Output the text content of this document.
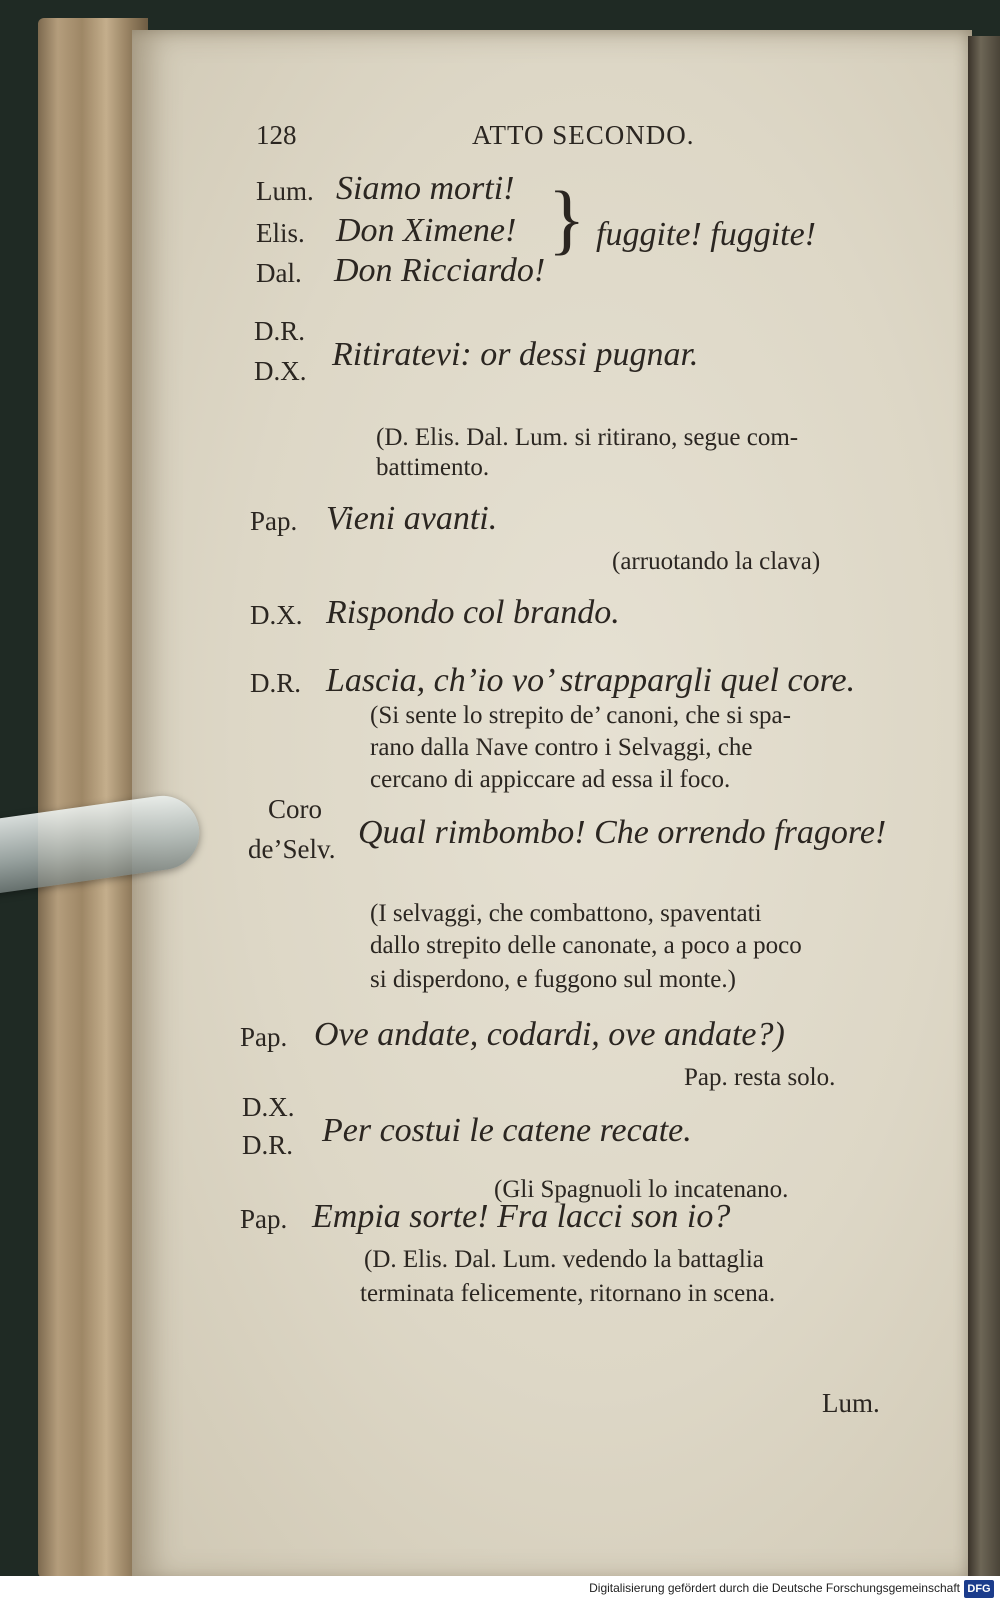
128	ATTO SECONDO.
Lum. Siamo morti!
Elis. Don Ximene!
Dal. Don Ricciardo!
} fuggite! fuggite!
D.R.
D.X. Ritiratevi: or dessi pugnar.
(D. Elis. Dal. Lum. si ritirano, segue com-
battimento.
Pap. Vieni avanti.
(arruotando la clava)
D.X. Rispondo col brando.
D.R. Lascia, ch’io vo’ strappargli quel core.
(Si sente lo strepito de’ canoni, che si spa-
rano dalla Nave contro i Selvaggi, che
cercano di appiccare ad essa il foco.
Coro
de’Selv. Qual rimbombo! Che orrendo fragore!
(I selvaggi, che combattono, spaventati
dallo strepito delle canonate, a poco a poco
si disperdono, e fuggono sul monte.)
Pap. Ove andate, codardi, ove andate?)
Pap. resta solo.
D.X.
D.R. Per costui le catene recate.
(Gli Spagnuoli lo incatenano.
Pap. Empia sorte! Fra lacci son io?
(D. Elis. Dal. Lum. vedendo la battaglia
terminata felicemente, ritornano in scena.
Lum.
Digitalisierung gefördert durch die Deutsche Forschungsgemeinschaft DFG
